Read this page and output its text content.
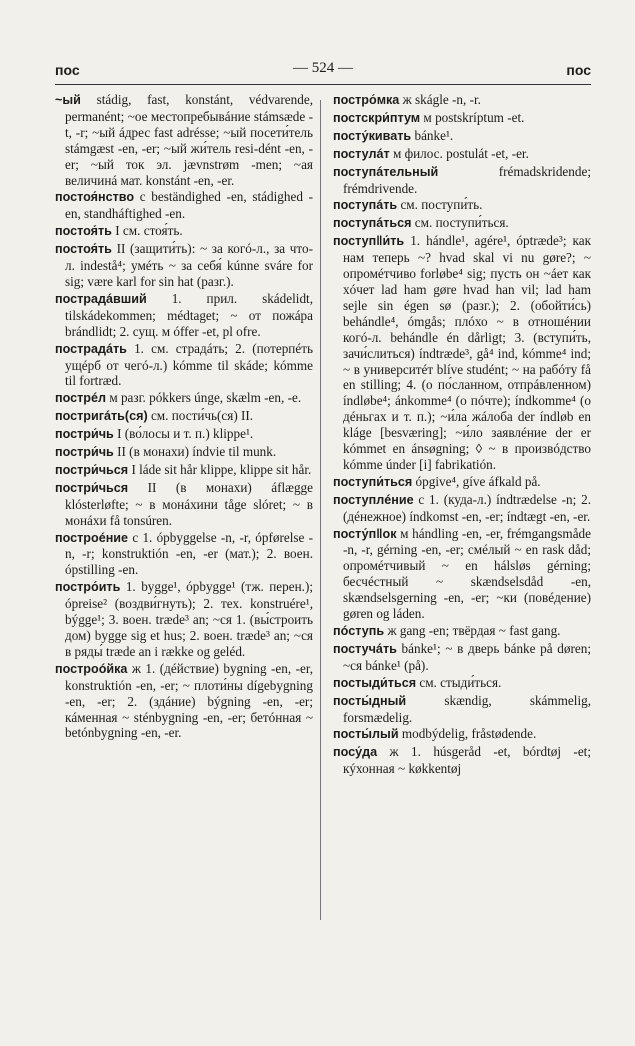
пос	— 524 —	пос
~ый stádig, fast, konstánt, védvarende, permanént; ~ое местопребывáние stámsæde -t, -r; ~ый áдрес fast adrésse; ~ый посети́тель stámgæst -en, -er; ~ый жи́тель resi-dént -en, -er; ~ый ток эл. jævnstrøm -men; ~ая величинá мат. konstánt -en, -er.
постоя́нство с beständighed -en, stádighed -en, standháftighed -en.
постоя́ть I см. стоя́ть.
постоя́ть II (защити́ть): ~ за когó-л., за что-л. indestå⁴; умéть ~ за себя́ kúnne sváre for sig; være karl for sin hat (разг.).
пострадáвший 1. прил. skádelidt, tilskádekommen; médtaget; ~ от пожáра brándlidt; 2. сущ. м óffer -et, pl ofre.
пострадáть 1. см. страдáть; 2. (потерпéть ущéрб от чегó-л.) kómme til skáde; kómme til fortræd.
пострéл м разг. pókkers únge, skælm -en, -e.
постригáть(ся) см. пости́чь(ся) II.
постри́чь I (во́лосы и т. п.) klippe¹.
постри́чь II (в монахи) índvie til munk.
постри́чься I láde sit hår klippe, klippe sit hår.
постри́чься II (в монахи) áflægge klósterløfte; ~ в монáхини tåge slóret; ~ в монáхи få tonsúren.
построéние с 1. ópbyggelse -n, -r, ópførelse -n, -r; konstruktión -en, -er (мат.); 2. воен. ópstilling -en.
постро́ить 1. bygge¹, ópbygge¹ (тж. перен.); ópreise² (воздви́гнуть); 2. тех. konstruére¹, býgge¹; 3. воен. træde³ an; ~ся 1. (вы́строить дом) bygge sig et hus; 2. воен. træde³ an; ~ся в ряды́ træde an i række og geléd.
построóйка ж 1. (дéйствие) bygning -en, -er, konstruktión -en, -er; ~ плоти́ны dígebygning -en, -er; 2. (здáние) býgning -en, -er; кáменная ~ sténbygning -en, -er; бетóнная ~ betónbygning -en, -er.
постро́мка ж skágle -n, -r.
постскри́птум м postskríptum -et.
посту́кивать bánke¹.
постулáт м филос. postulát -et, -er.
поступáтельный frémadskridende; frémdrivende.
поступáть см. поступи́ть.
поступáться см. поступи́ться.
поступ‖и́ть 1. hándle¹, agére¹, óptræde³; как нам теперь ~? hvad skal vi nu gøre?; ~ опромéтчиво forløbe⁴ sig; пусть он ~áет как хóчет lad ham gøre hvad han vil; lad ham sejle sin égen sø (разг.); 2. (обойти́сь) behándle⁴, ómgås; плóхо ~ в отношéнии когó-л. behándle én dårligt; 3. (вступи́ть, зачи́слиться) índtræde³, gå⁴ ind, kómme⁴ ind; ~ в университéт blíve studént; ~ на рабóту få en stilling; 4. (о по́сланном, отпрáвленном) índløbe⁴; ánkomme⁴ (о пóчте); índkomme⁴ (о дéньгах и т. п.); ~и́ла жáлоба der índløb en kláge [besværing]; ~и́ло заявлéние der er kómmet en ánsøgning; ◊ ~ в произвóдство kómme únder [i] fabrikatión.
поступи́ться ópgive⁴, gíve áfkald på.
поступлéние с 1. (куда-л.) índtrædelse -n; 2. (дéнежное) índkomst -en, -er; índtægt -en, -er.
посту́п‖ок м hándling -en, -er, frémgangsmåde -n, -r, gérning -en, -er; смéлый ~ en rask dåd; опромéтчивый ~ en hálsløs gérning; бесчéстный ~ skændselsdåd -en, skændselsgerning -en, -er; ~ки (повéдение) gøren og láden.
пóступь ж gang -en; твёрдая ~ fast gang.
постучáть bánke¹; ~ в дверь bánke på døren; ~ся bánke¹ (på).
постыди́ться см. стыди́ться.
посты́дный skændig, skámmelig, forsmædelig.
посты́лый modbýdelig, fråstødende.
посу́да ж 1. húsgeråd -et, bórdtøj -et; кýхонная ~ køkkentøj
